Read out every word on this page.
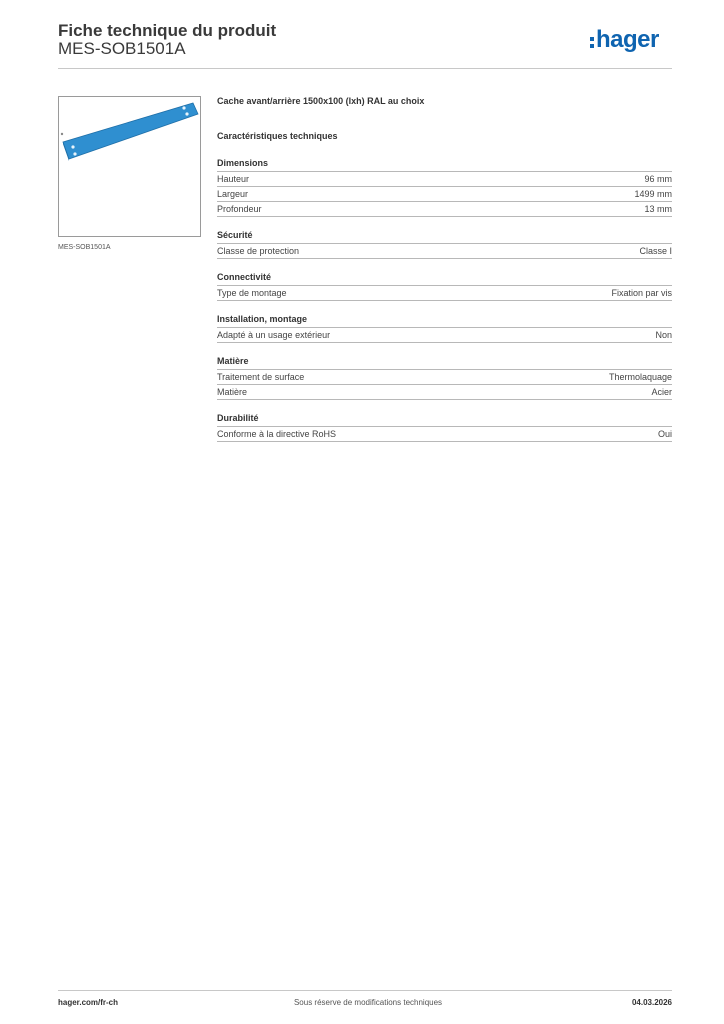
Fiche technique du produit
MES-SOB1501A	hager
MES-SOB1501A

Cache avant/arrière 1500x100 (lxh) RAL au choix

Caractéristiques techniques

Dimensions
Hauteur	96 mm
Largeur	1499 mm
Profondeur	13 mm
Sécurité
Classe de protection	Classe I
Connectivité
Type de montage	Fixation par vis
Installation, montage
Adapté à un usage extérieur	Non
Matière
Traitement de surface	Thermolaquage
Matière	Acier
Durabilité
Conforme à la directive RoHS	Oui
hager.com/fr-ch	Sous réserve de modifications techniques	04.03.2026
